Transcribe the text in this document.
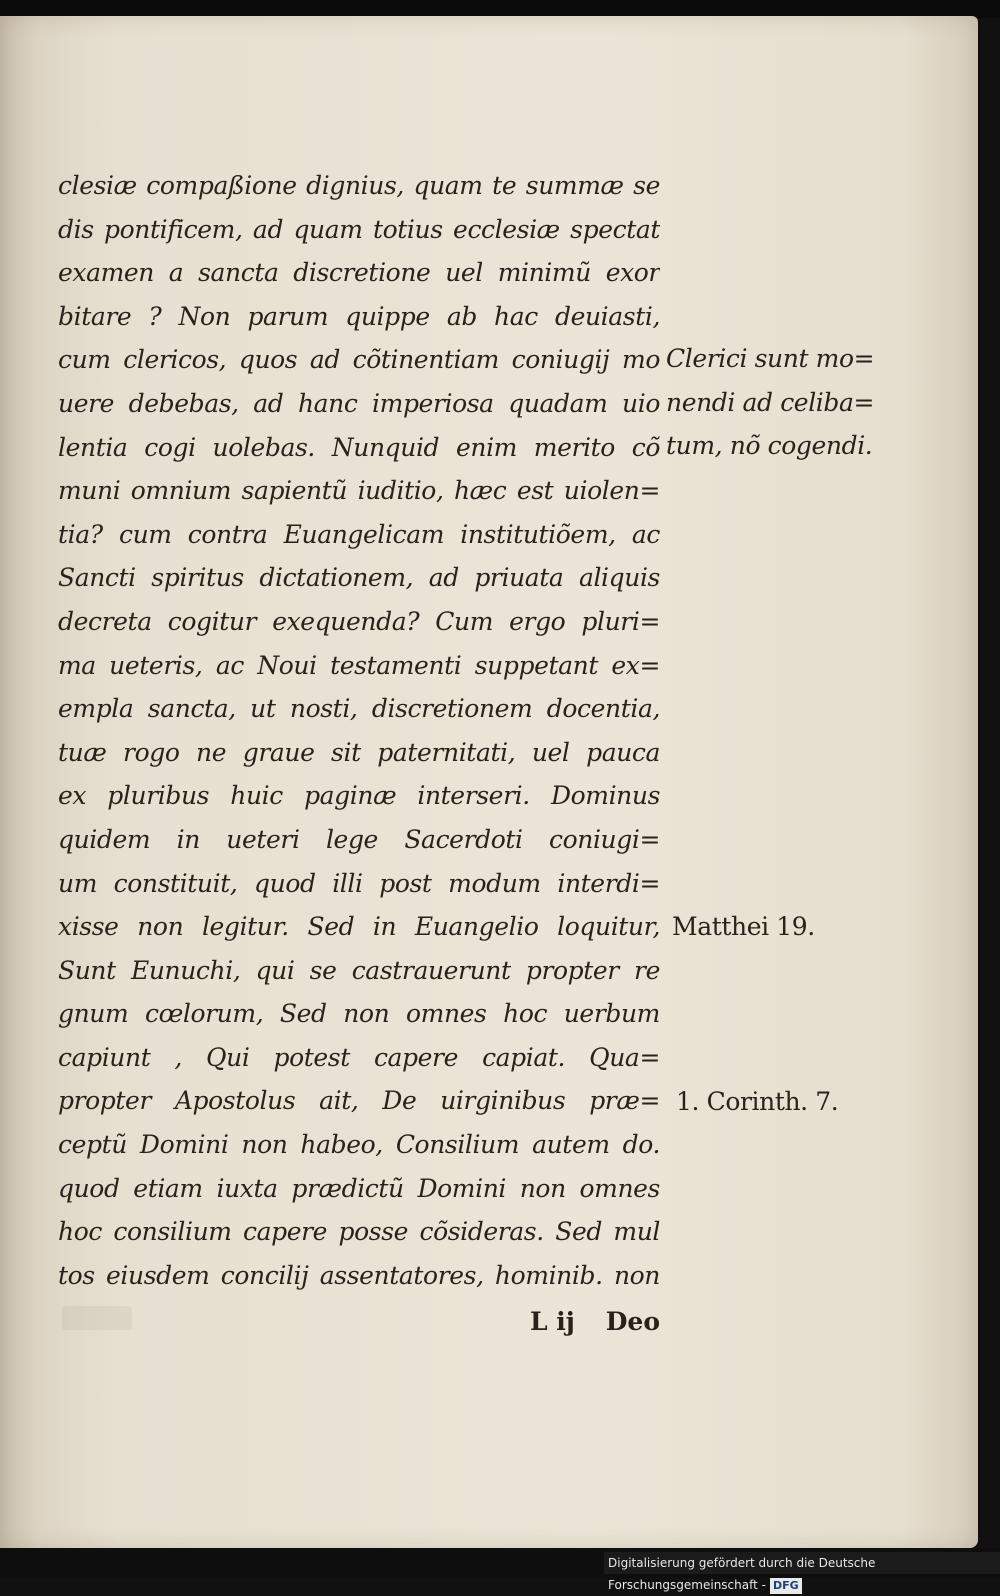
clesiæ compaßione dignius, quam te summæ se
dis pontificem, ad quam totius ecclesiæ spectat
examen a sancta discretione uel minimũ exor
bitare ? Non parum quippe ab hac deuiasti,
cum clericos, quos ad cõtinentiam coniugij mo
uere debebas, ad hanc imperiosa quadam uio
lentia cogi uolebas. Nunquid enim merito cõ
muni omnium sapientũ iuditio, hæc est uiolen=
tia? cum contra Euangelicam institutiõem, ac
Sancti spiritus dictationem, ad priuata aliquis
decreta cogitur exequenda? Cum ergo pluri=
ma ueteris, ac Noui testamenti suppetant ex=
empla sancta, ut nosti, discretionem docentia,
tuæ rogo ne graue sit paternitati, uel pauca
ex pluribus huic paginæ interseri. Dominus
quidem in ueteri lege Sacerdoti coniugi=
um constituit, quod illi post modum interdi=
xisse non legitur. Sed in Euangelio loquitur,
Sunt Eunuchi, qui se castrauerunt propter re
gnum cœlorum, Sed non omnes hoc uerbum
capiunt , Qui potest capere capiat. Qua=
propter Apostolus ait, De uirginibus præ=
ceptũ Domini non habeo, Consilium autem do.
quod etiam iuxta prædictũ Domini non omnes
hoc consilium capere posse cõsideras. Sed mul
tos eiusdem concilij assentatores, hominib. non
Clerici sunt mo=
nendi ad celiba=
tum, nõ cogendi.
Matthei 19.
1. Corinth. 7.
L ij Deo
Digitalisierung gefördert durch die Deutsche Forschungsgemeinschaft - DFG
